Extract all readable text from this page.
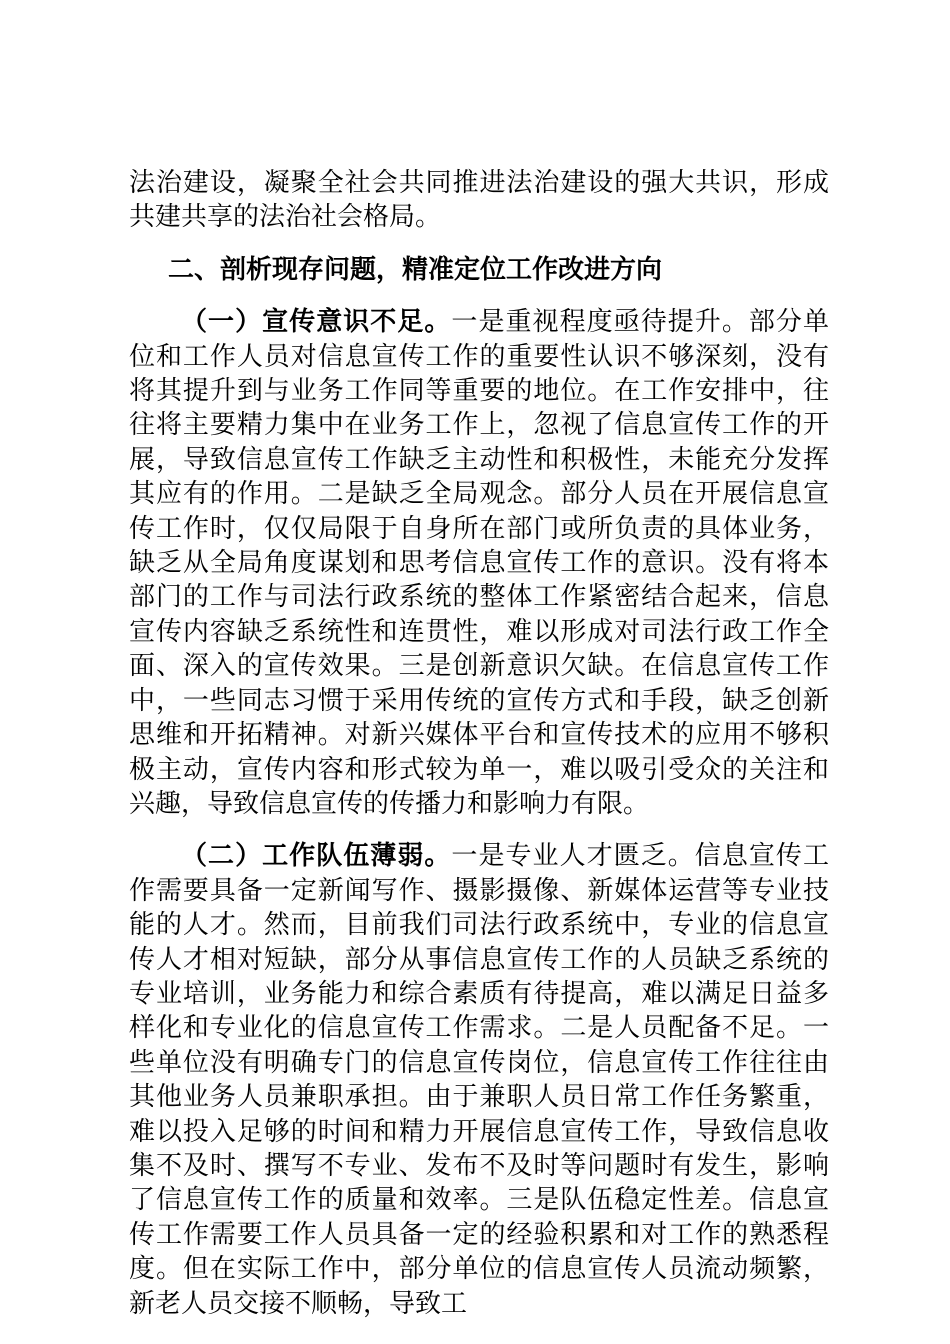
法治建设，凝聚全社会共同推进法治建设的强大共识，形成共建共享的法治社会格局。

二、剖析现存问题，精准定位工作改进方向

（一）宣传意识不足。一是重视程度亟待提升。部分单位和工作人员对信息宣传工作的重要性认识不够深刻，没有将其提升到与业务工作同等重要的地位。在工作安排中，往往将主要精力集中在业务工作上，忽视了信息宣传工作的开展，导致信息宣传工作缺乏主动性和积极性，未能充分发挥其应有的作用。二是缺乏全局观念。部分人员在开展信息宣传工作时，仅仅局限于自身所在部门或所负责的具体业务，缺乏从全局角度谋划和思考信息宣传工作的意识。没有将本部门的工作与司法行政系统的整体工作紧密结合起来，信息宣传内容缺乏系统性和连贯性，难以形成对司法行政工作全面、深入的宣传效果。三是创新意识欠缺。在信息宣传工作中，一些同志习惯于采用传统的宣传方式和手段，缺乏创新思维和开拓精神。对新兴媒体平台和宣传技术的应用不够积极主动，宣传内容和形式较为单一，难以吸引受众的关注和兴趣，导致信息宣传的传播力和影响力有限。

（二）工作队伍薄弱。一是专业人才匮乏。信息宣传工作需要具备一定新闻写作、摄影摄像、新媒体运营等专业技能的人才。然而，目前我们司法行政系统中，专业的信息宣传人才相对短缺，部分从事信息宣传工作的人员缺乏系统的专业培训，业务能力和综合素质有待提高，难以满足日益多样化和专业化的信息宣传工作需求。二是人员配备不足。一些单位没有明确专门的信息宣传岗位，信息宣传工作往往由其他业务人员兼职承担。由于兼职人员日常工作任务繁重，难以投入足够的时间和精力开展信息宣传工作，导致信息收集不及时、撰写不专业、发布不及时等问题时有发生，影响了信息宣传工作的质量和效率。三是队伍稳定性差。信息宣传工作需要工作人员具备一定的经验积累和对工作的熟悉程度。但在实际工作中，部分单位的信息宣传人员流动频繁，新老人员交接不顺畅，导致工
